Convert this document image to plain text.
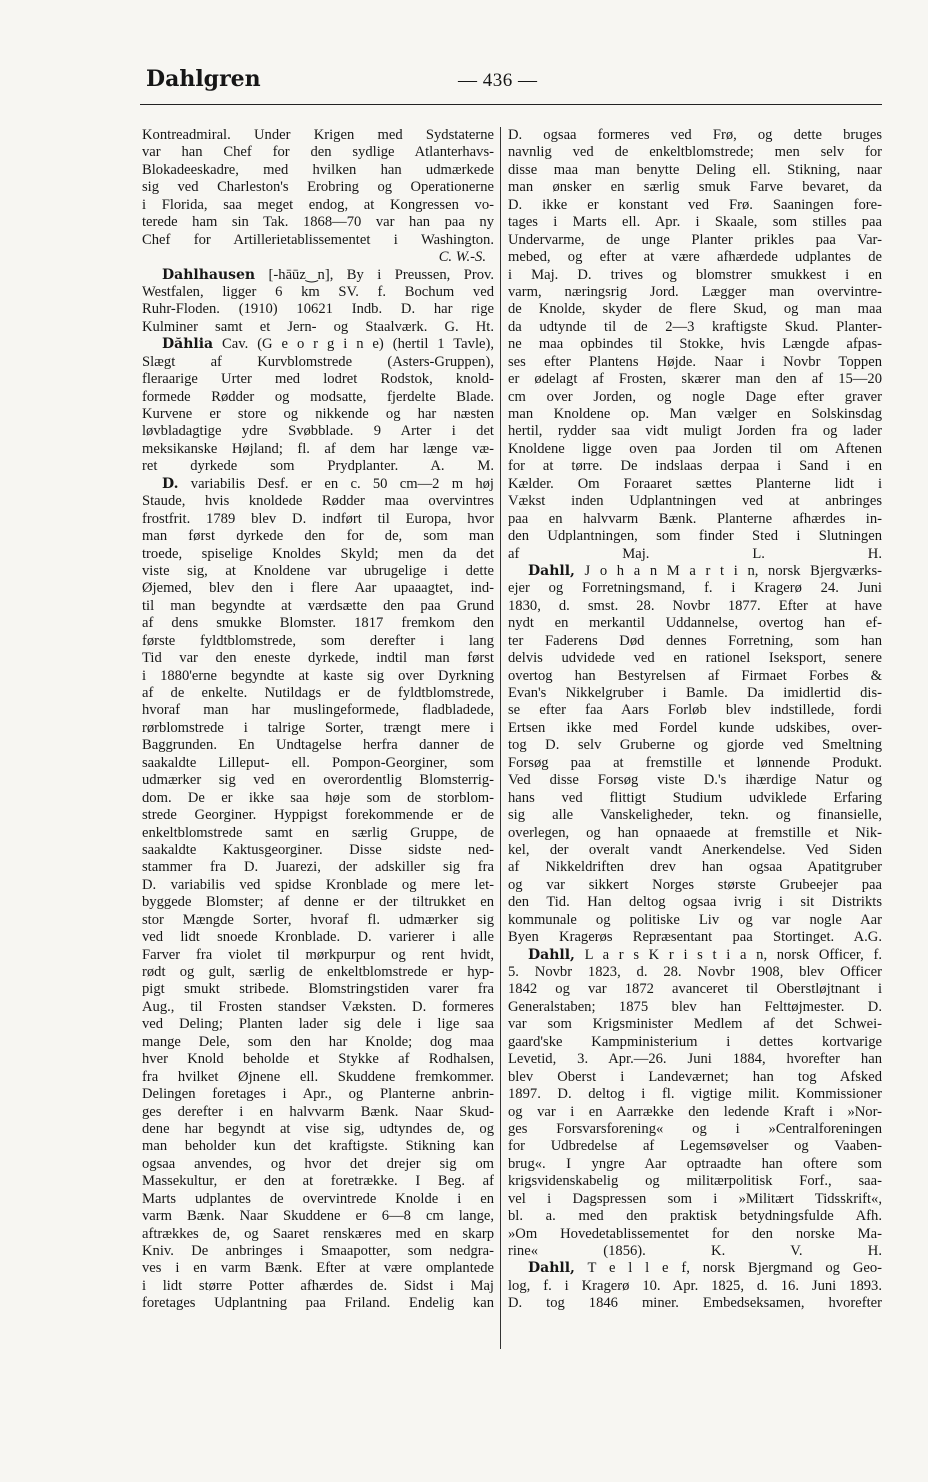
Dahlgren	— 436 —
Kontreadmiral. Under Krigen med Sydstaterne
var han Chef for den sydlige Atlanterhavs-
Blokadeeskadre, med hvilken han udmærkede
sig ved Charleston's Erobring og Operationerne
i Florida, saa meget endog, at Kongressen vo-
terede ham sin Tak. 1868—70 var han paa ny
Chef for Artillerietablissementet i Washington.
C. W.-S.
Dahlhausen [-hāūz‿n], By i Preussen, Prov.
Westfalen, ligger 6 km SV. f. Bochum ved
Ruhr-Floden. (1910) 10621 Indb. D. har rige
Kulminer samt et Jern- og Staalværk. G. Ht.
Dăhlia Cav. (G e o r g i n e) (hertil 1 Tavle),
Slægt af Kurvblomstrede (Asters-Gruppen),
fleraarige Urter med lodret Rodstok, knold-
formede Rødder og modsatte, fjerdelte Blade.
Kurvene er store og nikkende og har næsten
løvbladagtige ydre Svøbblade. 9 Arter i det
meksikanske Højland; fl. af dem har længe væ-
ret dyrkede som Prydplanter. A. M.
D. variabilis Desf. er en c. 50 cm—2 m høj
Staude, hvis knoldede Rødder maa overvintres
frostfrit. 1789 blev D. indført til Europa, hvor
man først dyrkede den for de, som man
troede, spiselige Knoldes Skyld; men da det
viste sig, at Knoldene var ubrugelige i dette
Øjemed, blev den i flere Aar upaaagtet, ind-
til man begyndte at værdsætte den paa Grund
af dens smukke Blomster. 1817 fremkom den
første fyldtblomstrede, som derefter i lang
Tid var den eneste dyrkede, indtil man først
i 1880'erne begyndte at kaste sig over Dyrkning
af de enkelte. Nutildags er de fyldtblomstrede,
hvoraf man har muslingeformede, fladbladede,
rørblomstrede i talrige Sorter, trængt mere i
Baggrunden. En Undtagelse herfra danner de
saakaldte Lilleput- ell. Pompon-Georginer, som
udmærker sig ved en overordentlig Blomsterrig-
dom. De er ikke saa høje som de storblom-
strede Georginer. Hyppigst forekommende er de
enkeltblomstrede samt en særlig Gruppe, de
saakaldte Kaktusgeorginer. Disse sidste ned-
stammer fra D. Juarezi, der adskiller sig fra
D. variabilis ved spidse Kronblade og mere let-
byggede Blomster; af denne er der tiltrukket en
stor Mængde Sorter, hvoraf fl. udmærker sig
ved lidt snoede Kronblade. D. varierer i alle
Farver fra violet til mørkpurpur og rent hvidt,
rødt og gult, særlig de enkeltblomstrede er hyp-
pigt smukt stribede. Blomstringstiden varer fra
Aug., til Frosten standser Væksten. D. formeres
ved Deling; Planten lader sig dele i lige saa
mange Dele, som den har Knolde; dog maa
hver Knold beholde et Stykke af Rodhalsen,
fra hvilket Øjnene ell. Skuddene fremkommer.
Delingen foretages i Apr., og Planterne anbrin-
ges derefter i en halvvarm Bænk. Naar Skud-
dene har begyndt at vise sig, udtyndes de, og
man beholder kun det kraftigste. Stikning kan
ogsaa anvendes, og hvor det drejer sig om
Massekultur, er den at foretrække. I Beg. af
Marts udplantes de overvintrede Knolde i en
varm Bænk. Naar Skuddene er 6—8 cm lange,
aftrækkes de, og Saaret renskæres med en skarp
Kniv. De anbringes i Smaapotter, som nedgra-
ves i en varm Bænk. Efter at være omplantede
i lidt større Potter afhærdes de. Sidst i Maj
foretages Udplantning paa Friland. Endelig kan
D. ogsaa formeres ved Frø, og dette bruges
navnlig ved de enkeltblomstrede; men selv for
disse maa man benytte Deling ell. Stikning, naar
man ønsker en særlig smuk Farve bevaret, da
D. ikke er konstant ved Frø. Saaningen fore-
tages i Marts ell. Apr. i Skaale, som stilles paa
Undervarme, de unge Planter prikles paa Var-
mebed, og efter at være afhærdede udplantes de
i Maj. D. trives og blomstrer smukkest i en
varm, næringsrig Jord. Lægger man overvintre-
de Knolde, skyder de flere Skud, og man maa
da udtynde til de 2—3 kraftigste Skud. Planter-
ne maa opbindes til Stokke, hvis Længde afpas-
ses efter Plantens Højde. Naar i Novbr Toppen
er ødelagt af Frosten, skærer man den af 15—20
cm over Jorden, og nogle Dage efter graver
man Knoldene op. Man vælger en Solskinsdag
hertil, rydder saa vidt muligt Jorden fra og lader
Knoldene ligge oven paa Jorden til om Aftenen
for at tørre. De indslaas derpaa i Sand i en
Kælder. Om Foraaret sættes Planterne lidt i
Vækst inden Udplantningen ved at anbringes
paa en halvvarm Bænk. Planterne afhærdes in-
den Udplantningen, som finder Sted i Slutningen
af Maj. L. H.
Dahll, J o h a n M a r t i n, norsk Bjergværks-
ejer og Forretningsmand, f. i Kragerø 24. Juni
1830, d. smst. 28. Novbr 1877. Efter at have
nydt en merkantil Uddannelse, overtog han ef-
ter Faderens Død dennes Forretning, som han
delvis udvidede ved en rationel Iseksport, senere
overtog han Bestyrelsen af Firmaet Forbes &
Evan's Nikkelgruber i Bamle. Da imidlertid dis-
se efter faa Aars Forløb blev indstillede, fordi
Ertsen ikke med Fordel kunde udskibes, over-
tog D. selv Gruberne og gjorde ved Smeltning
Forsøg paa at fremstille et lønnende Produkt.
Ved disse Forsøg viste D.'s ihærdige Natur og
hans ved flittigt Studium udviklede Erfaring
sig alle Vanskeligheder, tekn. og finansielle,
overlegen, og han opnaaede at fremstille et Nik-
kel, der overalt vandt Anerkendelse. Ved Siden
af Nikkeldriften drev han ogsaa Apatitgruber
og var sikkert Norges største Grubeejer paa
den Tid. Han deltog ogsaa ivrig i sit Distrikts
kommunale og politiske Liv og var nogle Aar
Byen Kragerøs Repræsentant paa Stortinget. A.G.
Dahll, L a r s K r i s t i a n, norsk Officer, f.
5. Novbr 1823, d. 28. Novbr 1908, blev Officer
1842 og var 1872 avanceret til Oberstløjtnant i
Generalstaben; 1875 blev han Felttøjmester. D.
var som Krigsminister Medlem af det Schwei-
gaard'ske Kampministerium i dettes kortvarige
Levetid, 3. Apr.—26. Juni 1884, hvorefter han
blev Oberst i Landeværnet; han tog Afsked
1897. D. deltog i fl. vigtige milit. Kommissioner
og var i en Aarrække den ledende Kraft i »Nor-
ges Forsvarsforening« og i »Centralforeningen
for Udbredelse af Legemsøvelser og Vaaben-
brug«. I yngre Aar optraadte han oftere som
krigsvidenskabelig og militærpolitisk Forf., saa-
vel i Dagspressen som i »Militært Tidsskrift«,
bl. a. med den praktisk betydningsfulde Afh.
»Om Hovedetablissementet for den norske Ma-
rine« (1856). K. V. H.
Dahll, T e l l e f, norsk Bjergmand og Geo-
log, f. i Kragerø 10. Apr. 1825, d. 16. Juni 1893.
D. tog 1846 miner. Embedseksamen, hvorefter
